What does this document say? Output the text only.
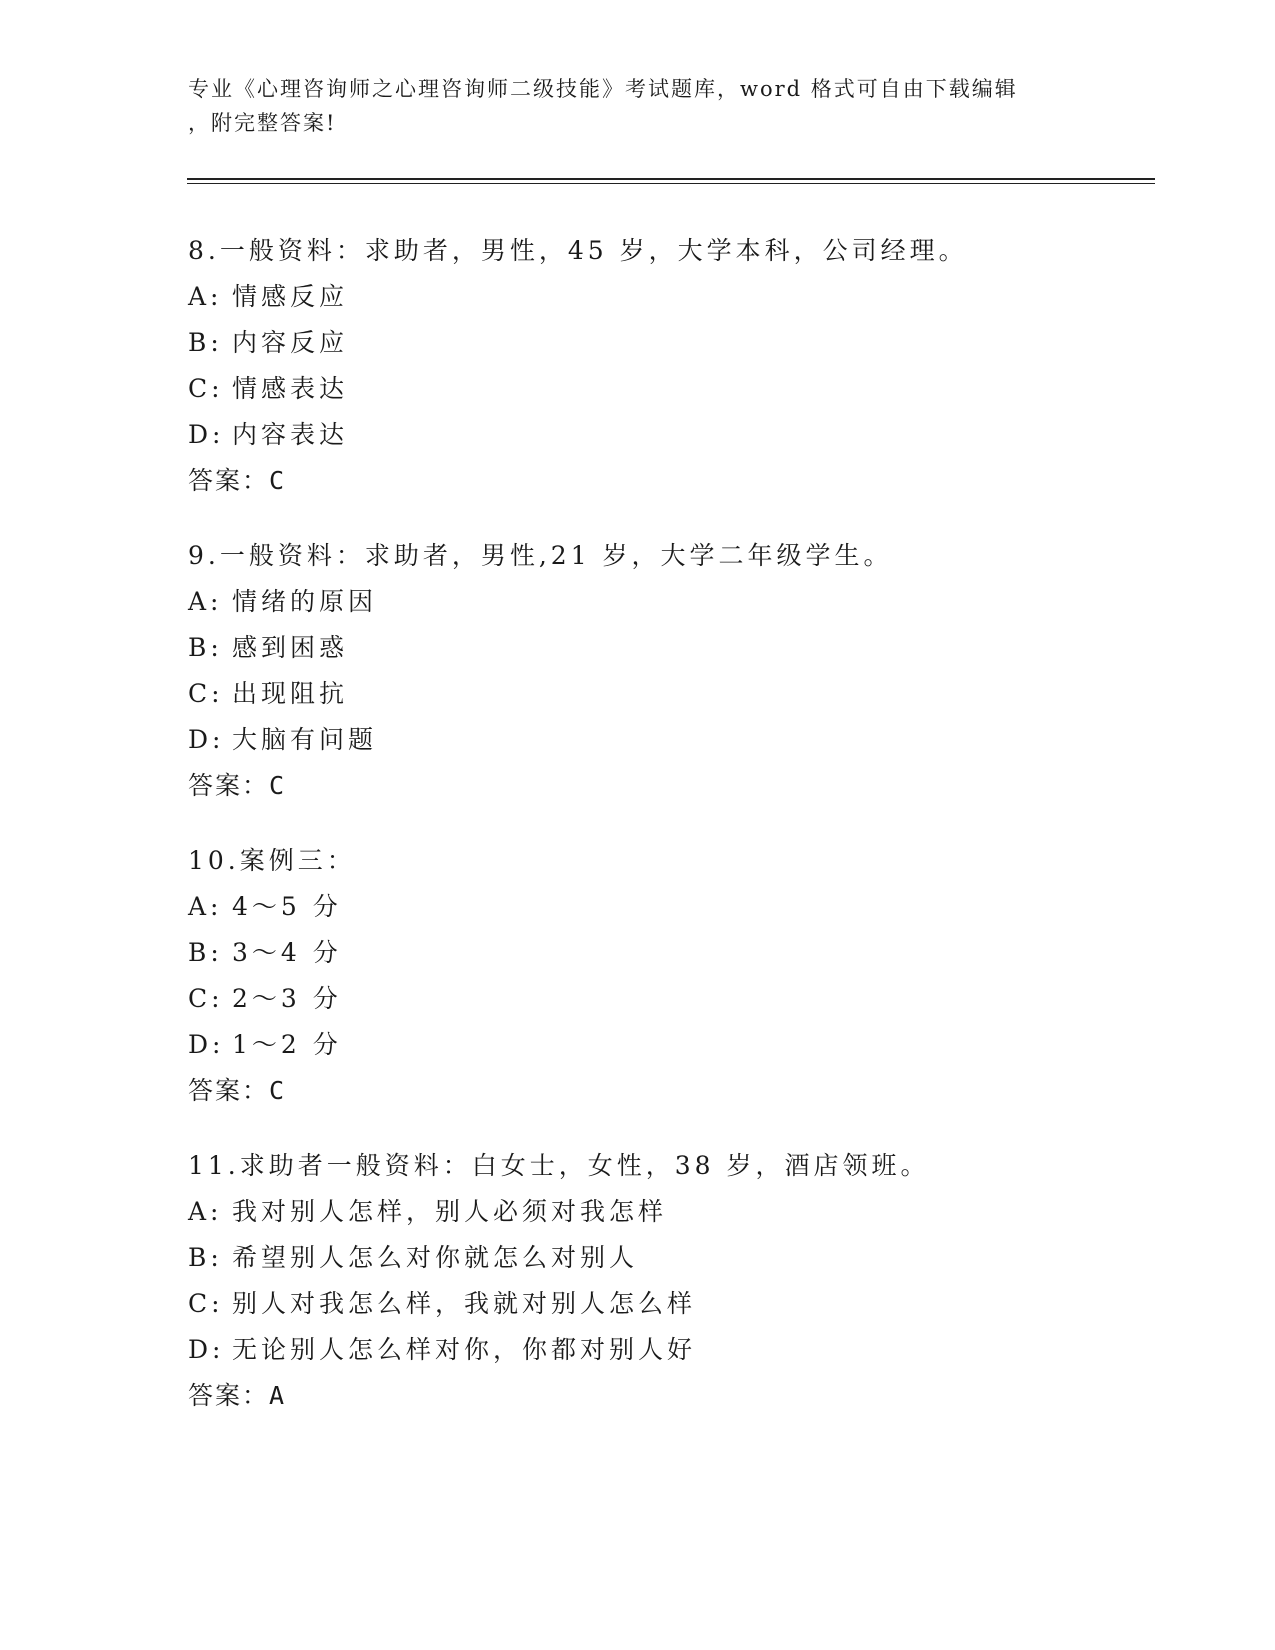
专业《心理咨询师之心理咨询师二级技能》考试题库，word 格式可自由下载编辑
，附完整答案!
8.一般资料：求助者，男性，45 岁，大学本科，公司经理。
A: 情感反应
B: 内容反应
C: 情感表达
D: 内容表达
答案：C
9.一般资料：求助者，男性,21 岁，大学二年级学生。
A: 情绪的原因
B: 感到困惑
C: 出现阻抗
D: 大脑有问题
答案：C
10.案例三：
A: 4～5 分
B: 3～4 分
C: 2～3 分
D: 1～2 分
答案：C
11.求助者一般资料：白女士，女性，38 岁，酒店领班。
A: 我对别人怎样，别人必须对我怎样
B: 希望别人怎么对你就怎么对别人
C: 别人对我怎么样，我就对别人怎么样
D: 无论别人怎么样对你，你都对别人好
答案：A
